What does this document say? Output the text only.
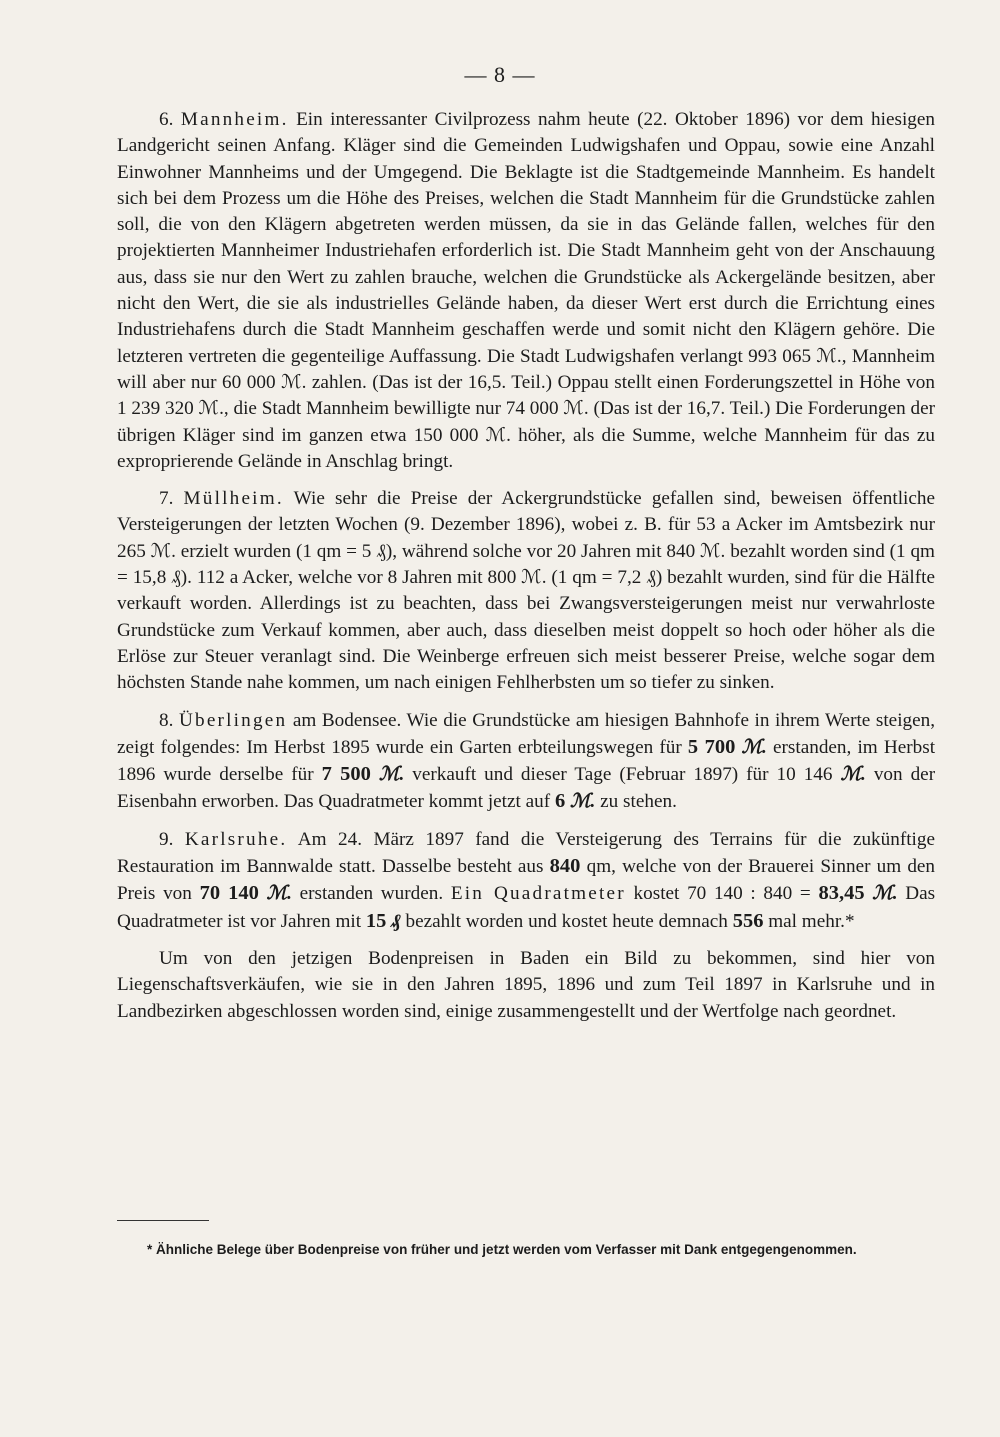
— 8 —

6. Mannheim. Ein interessanter Civilprozess nahm heute (22. Oktober 1896) vor dem hiesigen Landgericht seinen Anfang. Kläger sind die Gemeinden Ludwigshafen und Oppau, sowie eine Anzahl Einwohner Mannheims und der Umgegend. Die Beklagte ist die Stadtgemeinde Mannheim. Es handelt sich bei dem Prozess um die Höhe des Preises, welchen die Stadt Mannheim für die Grundstücke zahlen soll, die von den Klägern abgetreten werden müssen, da sie in das Gelände fallen, welches für den projektierten Mannheimer Industriehafen erforderlich ist. Die Stadt Mannheim geht von der Anschauung aus, dass sie nur den Wert zu zahlen brauche, welchen die Grundstücke als Ackergelände besitzen, aber nicht den Wert, die sie als industrielles Gelände haben, da dieser Wert erst durch die Errichtung eines Industriehafens durch die Stadt Mannheim geschaffen werde und somit nicht den Klägern gehöre. Die letzteren vertreten die gegenteilige Auffassung. Die Stadt Ludwigshafen verlangt 993 065 ℳ., Mannheim will aber nur 60 000 ℳ. zahlen. (Das ist der 16,5. Teil.) Oppau stellt einen Forderungszettel in Höhe von 1 239 320 ℳ., die Stadt Mannheim bewilligte nur 74 000 ℳ. (Das ist der 16,7. Teil.) Die Forderungen der übrigen Kläger sind im ganzen etwa 150 000 ℳ. höher, als die Summe, welche Mannheim für das zu exproprierende Gelände in Anschlag bringt.

7. Müllheim. Wie sehr die Preise der Ackergrundstücke gefallen sind, beweisen öffentliche Versteigerungen der letzten Wochen (9. Dezember 1896), wobei z. B. für 53 a Acker im Amtsbezirk nur 265 ℳ. erzielt wurden (1 qm = 5 ₰), während solche vor 20 Jahren mit 840 ℳ. bezahlt worden sind (1 qm = 15,8 ₰). 112 a Acker, welche vor 8 Jahren mit 800 ℳ. (1 qm = 7,2 ₰) bezahlt wurden, sind für die Hälfte verkauft worden. Allerdings ist zu beachten, dass bei Zwangsversteigerungen meist nur verwahrloste Grundstücke zum Verkauf kommen, aber auch, dass dieselben meist doppelt so hoch oder höher als die Erlöse zur Steuer veranlagt sind. Die Weinberge erfreuen sich meist besserer Preise, welche sogar dem höchsten Stande nahe kommen, um nach einigen Fehlherbsten um so tiefer zu sinken.

8. Überlingen am Bodensee. Wie die Grundstücke am hiesigen Bahnhofe in ihrem Werte steigen, zeigt folgendes: Im Herbst 1895 wurde ein Garten erbteilungswegen für 5 700 ℳ. erstanden, im Herbst 1896 wurde derselbe für 7 500 ℳ. verkauft und dieser Tage (Februar 1897) für 10 146 ℳ. von der Eisenbahn erworben. Das Quadratmeter kommt jetzt auf 6 ℳ. zu stehen.

9. Karlsruhe. Am 24. März 1897 fand die Versteigerung des Terrains für die zukünftige Restauration im Bannwalde statt. Dasselbe besteht aus 840 qm, welche von der Brauerei Sinner um den Preis von 70 140 ℳ. erstanden wurden. Ein Quadratmeter kostet 70 140 : 840 = 83,45 ℳ. Das Quadratmeter ist vor Jahren mit 15 ₰ bezahlt worden und kostet heute demnach 556 mal mehr.*

Um von den jetzigen Bodenpreisen in Baden ein Bild zu bekommen, sind hier von Liegenschaftsverkäufen, wie sie in den Jahren 1895, 1896 und zum Teil 1897 in Karlsruhe und in Landbezirken abgeschlossen worden sind, einige zusammengestellt und der Wertfolge nach geordnet.

* Ähnliche Belege über Bodenpreise von früher und jetzt werden vom Verfasser mit Dank entgegengenommen.
